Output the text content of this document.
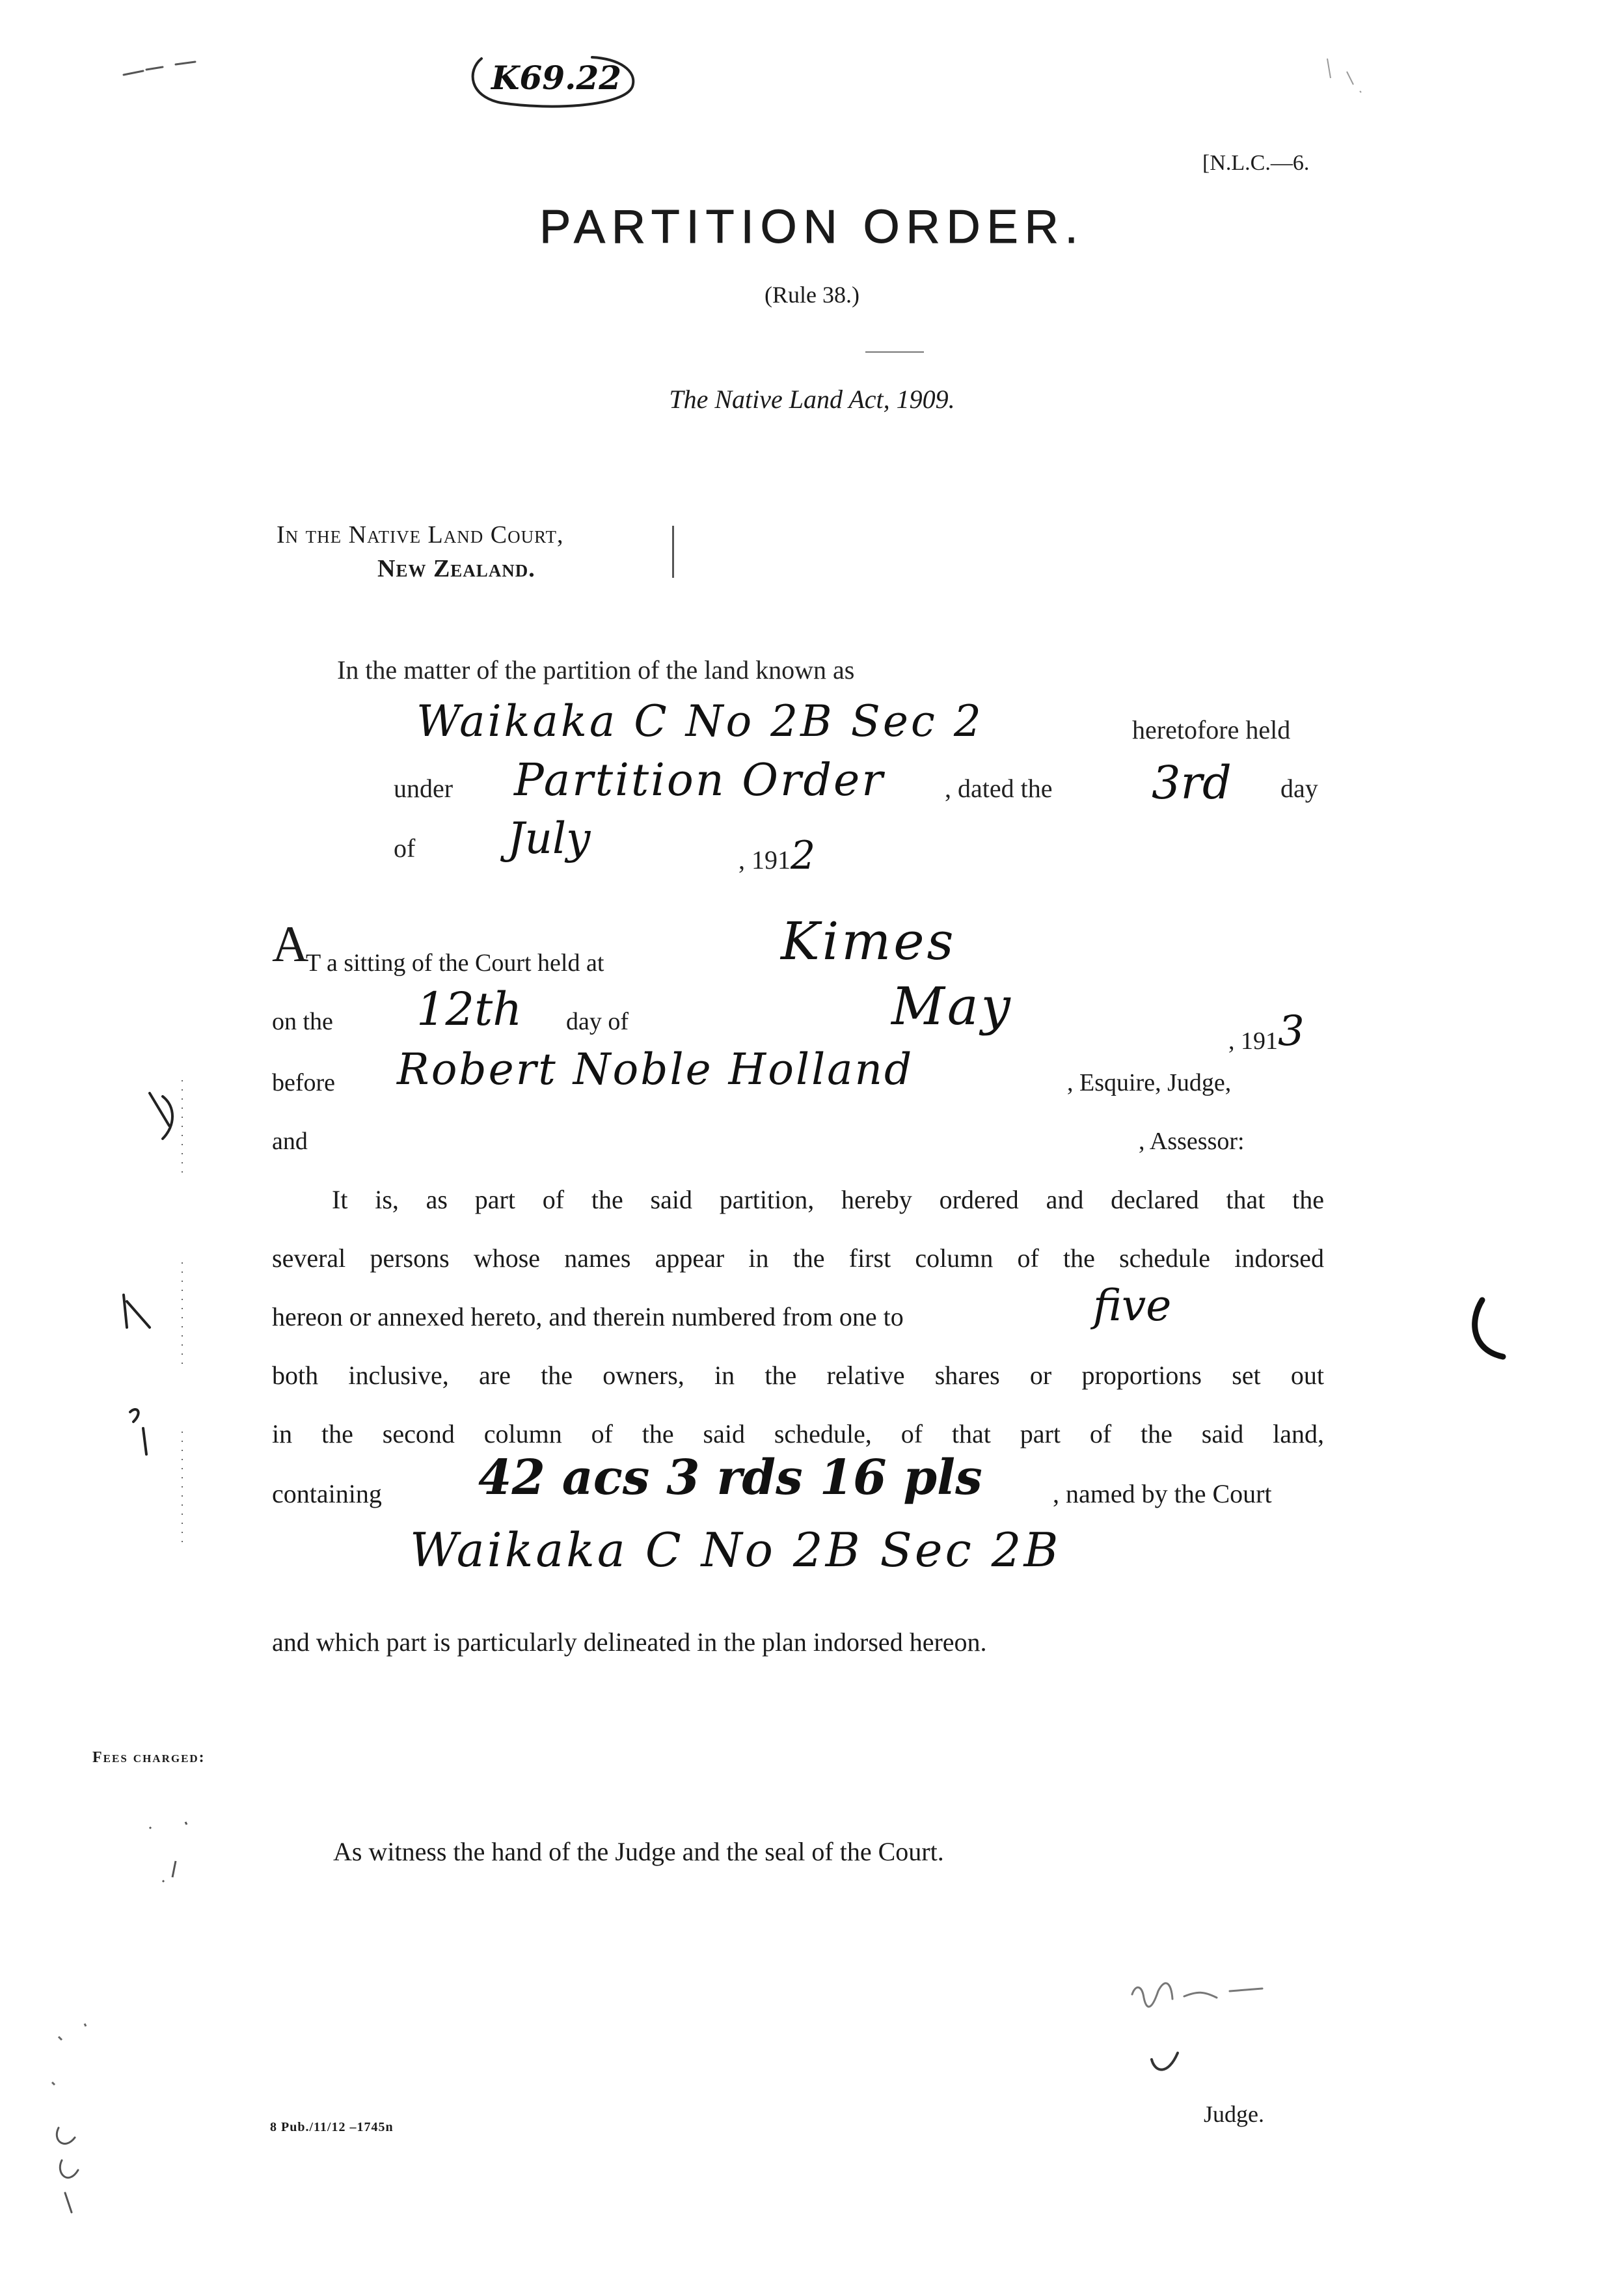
K69.22
[N.L.C.—6.
PARTITION ORDER.
(Rule 38.)
The Native Land Act, 1909.
In the Native Land Court,
New Zealand.
In the matter of the partition of the land known as
Waikaka C No 2B Sec 2	heretofore held
under Partition Order , dated the 3rd day
of July	, 1912
A
T a sitting of the Court held at	Kimes
on the 12th day of	May
, 1913
before Robert Noble Holland	, Esquire, Judge,
and	, Assessor:
It is, as part of the said partition, hereby ordered and declared that the
several persons whose names appear in the first column of the schedule indorsed
hereon or annexed hereto, and therein numbered from one to	five
both inclusive, are the owners, in the relative shares or proportions set out
in the second column of the said schedule, of that part of the said land,
containing 42 acs 3 rds 16 pls	, named by the Court
Waikaka C No 2B Sec 2B
and which part is particularly delineated in the plan indorsed hereon.
Fees charged:
As witness the hand of the Judge and the seal of the Court.
Judge.
8 Pub./11/12 –1745n
